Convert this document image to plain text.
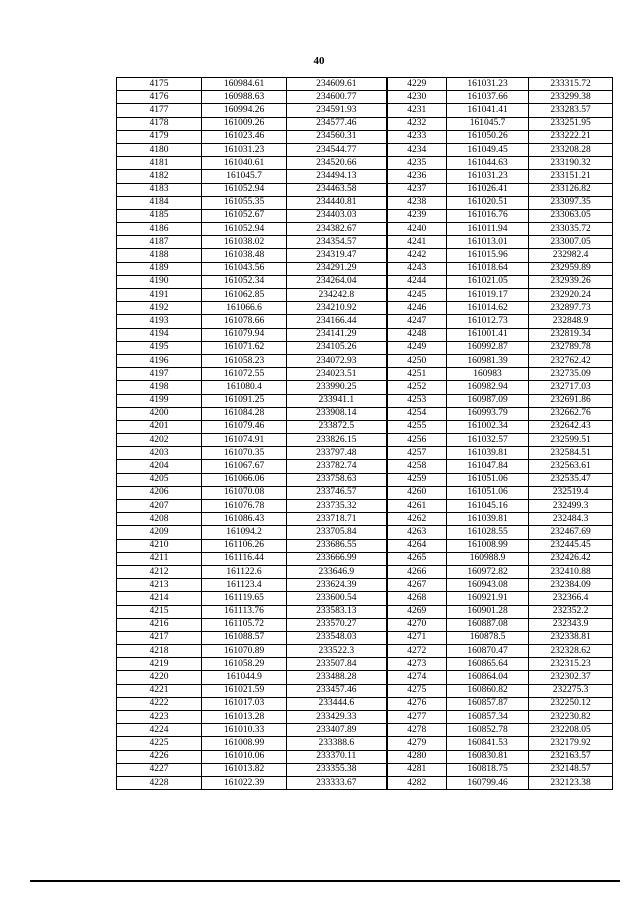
40
4175	160984.61	234609.61	4229	161031.23	233315.72
4176	160988.63	234600.77	4230	161037.66	233299.38
4177	160994.26	234591.93	4231	161041.41	233283.57
4178	161009.26	234577.46	4232	161045.7	233251.95
4179	161023.46	234560.31	4233	161050.26	233222.21
4180	161031.23	234544.77	4234	161049.45	233208.28
4181	161040.61	234520.66	4235	161044.63	233190.32
4182	161045.7	234494.13	4236	161031.23	233151.21
4183	161052.94	234463.58	4237	161026.41	233126.82
4184	161055.35	234440.81	4238	161020.51	233097.35
4185	161052.67	234403.03	4239	161016.76	233063.05
4186	161052.94	234382.67	4240	161011.94	233035.72
4187	161038.02	234354.57	4241	161013.01	233007.05
4188	161038.48	234319.47	4242	161015.96	232982.4
4189	161043.56	234291.29	4243	161018.64	232959.89
4190	161052.34	234264.04	4244	161021.05	232939.26
4191	161062.85	234242.8	4245	161019.17	232920.24
4192	161066.6	234210.92	4246	161014.62	232897.73
4193	161078.66	234166.44	4247	161012.73	232848.9
4194	161079.94	234141.29	4248	161001.41	232819.34
4195	161071.62	234105.26	4249	160992.87	232789.78
4196	161058.23	234072.93	4250	160981.39	232762.42
4197	161072.55	234023.51	4251	160983	232735.09
4198	161080.4	233990.25	4252	160982.94	232717.03
4199	161091.25	233941.1	4253	160987.09	232691.86
4200	161084.28	233908.14	4254	160993.79	232662.76
4201	161079.46	233872.5	4255	161002.34	232642.43
4202	161074.91	233826.15	4256	161032.57	232599.51
4203	161070.35	233797.48	4257	161039.81	232584.51
4204	161067.67	233782.74	4258	161047.84	232563.61
4205	161066.06	233758.63	4259	161051.06	232535.47
4206	161070.08	233746.57	4260	161051.06	232519.4
4207	161076.78	233735.32	4261	161045.16	232499.3
4208	161086.43	233718.71	4262	161039.81	232484.3
4209	161094.2	233705.84	4263	161028.55	232467.69
4210	161106.26	233686.55	4264	161008.99	232445.45
4211	161116.44	233666.99	4265	160988.9	232426.42
4212	161122.6	233646.9	4266	160972.82	232410.88
4213	161123.4	233624.39	4267	160943.08	232384.09
4214	161119.65	233600.54	4268	160921.91	232366.4
4215	161113.76	233583.13	4269	160901.28	232352.2
4216	161105.72	233570.27	4270	160887.08	232343.9
4217	161088.57	233548.03	4271	160878.5	232338.81
4218	161070.89	233522.3	4272	160870.47	232328.62
4219	161058.29	233507.84	4273	160865.64	232315.23
4220	161044.9	233488.28	4274	160864.04	232302.37
4221	161021.59	233457.46	4275	160860.82	232275.3
4222	161017.03	233444.6	4276	160857.87	232250.12
4223	161013.28	233429.33	4277	160857.34	232230.82
4224	161010.33	233407.89	4278	160852.78	232208.05
4225	161008.99	233388.6	4279	160841.53	232179.92
4226	161010.06	233370.11	4280	160830.81	232163.57
4227	161013.82	233355.38	4281	160818.75	232148.57
4228	161022.39	233333.67	4282	160799.46	232123.38
